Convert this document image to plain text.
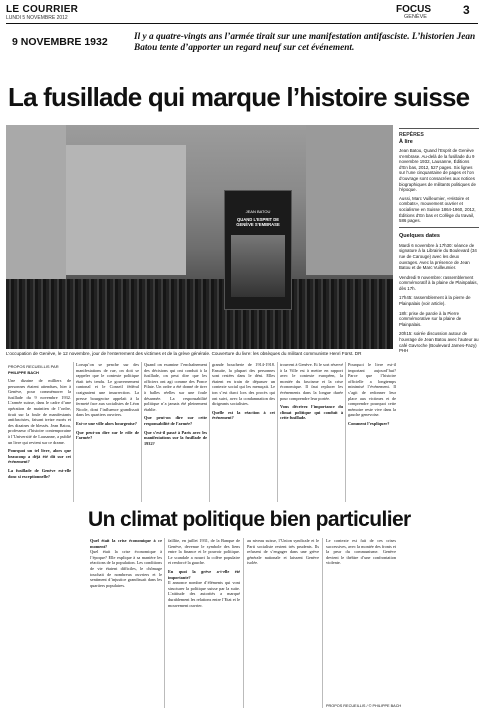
LE COURRIER
LUNDI 5 NOVEMBRE 2012
FOCUS
GENÈVE	3
9 NOVEMBRE 1932	Il y a quatre-vingts ans l’armée tirait sur une manifestation antifasciste. L’historien Jean Batou tente d’apporter un regard neuf sur cet événement.
La fusillade qui marque l’histoire suisse
JEAN BATOU
QUAND L’ESPRIT DE GENÈVE S’EMBRASE
L’occupation de Genève, le 12 novembre, jour de l’enterrement des victimes et de la grève générale. Couverture du livre: les obsèques du militant communiste Henri Fürst. DR
REPÈRES
À lire
Jean Batou, Quand l’Esprit de Genève s’embrase. Au-delà de la fusillade du 9 novembre 1932, Lausanne, Éditions d’En bas, 2012, 527 pages. Six lignes sur l’une cinquantaine de pages et l’on d’ouvrage sont consacrées aux notices biographiques de militants politiques de l’époque.
Aussi, Marc Vuilleumier, «Histoire et combats», mouvement ouvrier et socialisme en Suisse 1864-1960, 2012, Éditions d’En bas et Collège du travail, 586 pages.
Quelques dates
Mardi 6 novembre à 17h30: séance de signature à la Librairie du Boulevard (34 rue de Carouge) avec les deux ouvrages. Avec la présence de Jean Batou et de Marc Vuilleumier.
Vendredi 9 novembre: rassemblement commémoratif à la plaine de Plainpalais, dès 17h.
17h45: rassemblement à la pierre de Plainpalais (voir article).
18h: prise de parole à la Pierre commémorative sur la plaine de Plainpalais.
20h15: soirée discussion autour de l’ouvrage de Jean Batou avec l’auteur au café Gavroche (Boulevard James-Fazy) PHH
PROPOS RECUEILLIS PAR
PHILIPPE BACH
Une dizaine de milliers de personnes étaient attendues, hier à Genève, pour commémorer la fusillade du 9 novembre 1932. L’armée suisse, dans le cadre d’une opération de maintien de l’ordre, tirait sur la foule de manifestants antifascistes, faisant treize morts et des dizaines de blessés. Jean Batou, professeur d’histoire contemporaine à l’Université de Lausanne, a publié un livre qui revient sur ce drame.
Pourquoi un tel livre, alors que beaucoup a déjà été dit sur cet événement?
La fusillade de Genève est-elle donc si exceptionnelle?
Lorsqu’on se penche sur des manifestations de rue, on doit se rappeler que le contexte politique était très tendu. Le gouvernement cantonal et le Conseil fédéral craignaient une insurrection. La presse bourgeoise appelait à la fermeté face aux socialistes de Léon Nicole, dont l’influence grandissait dans les quartiers ouvriers.
Est-ce une ville alors bourgeoise?
Que peut-on dire sur le rôle de l’armée?
Quand on examine l’enchaînement des décisions qui ont conduit à la fusillade, on peut dire que les officiers ont agi comme des Ponce Pilate. Un ordre a été donné de tirer à balles réelles sur une foule désarmée. La responsabilité politique n’a jamais été pleinement établie.
Que peut-on dire sur cette responsabilité de l’armée?
Que s’est-il passé à Paris avec les manifestations sur la fusillade de 1932?
grande boucherie de 1914-1918. Ensuite, la plupart des personnes sont restées dans le déni. Elles étaient en train de dépasser un contexte social qui les menaçait. Le ton s’est durci lors des procès qui ont suivi, avec la condamnation des dirigeants socialistes.
Quelle est la réaction à cet événement?
trouvent à Genève. Et le sort réservé à la Ville est à mettre en rapport avec le contexte européen, la montée du fascisme et la crise économique. Il faut replacer les événements dans la longue durée pour comprendre leur portée.
Vous décrivez l’importance du climat politique qui conduit à cette fusillade.
Pourquoi le livre est-il important aujourd’hui? Parce que l’histoire officielle a longtemps minimisé l’événement. Il s’agit de redonner leur place aux victimes et de comprendre pourquoi cette mémoire reste vive dans la gauche genevoise.
Comment l’expliquer?
Un climat politique bien particulier
Quel était la crise économique à ce moment?
Quel était la crise économique à l’époque? Elle explique à sa manière les réactions de la population. Les conditions de vie étaient difficiles, le chômage touchait de nombreux ouvriers et le sentiment d’injustice grandissait dans les quartiers populaires.
faillite, en juillet 1931, de la Banque de Genève, devenue le symbole des liens entre la finance et le pouvoir politique. Le scandale a nourri la colère populaire et renforcé la gauche.
En quoi la grève a-t-elle été importante?
Il annonce nombre d’éléments qui vont structurer la politique suisse par la suite. L’attitude des autorités a marqué durablement les relations entre l’Etat et le mouvement ouvrier.
au niveau suisse, l’Union syndicale et le Parti socialiste restent très prudents. Ils refusent de s’engager dans une grève générale nationale et laissent Genève isolée.
Le contexte est fait de ces crises successives, avec la montée des fronts et la peur du communisme. Genève devient le théâtre d’une confrontation violente.
PROPOS RECUEILLIS / © PHILIPPE BACH
